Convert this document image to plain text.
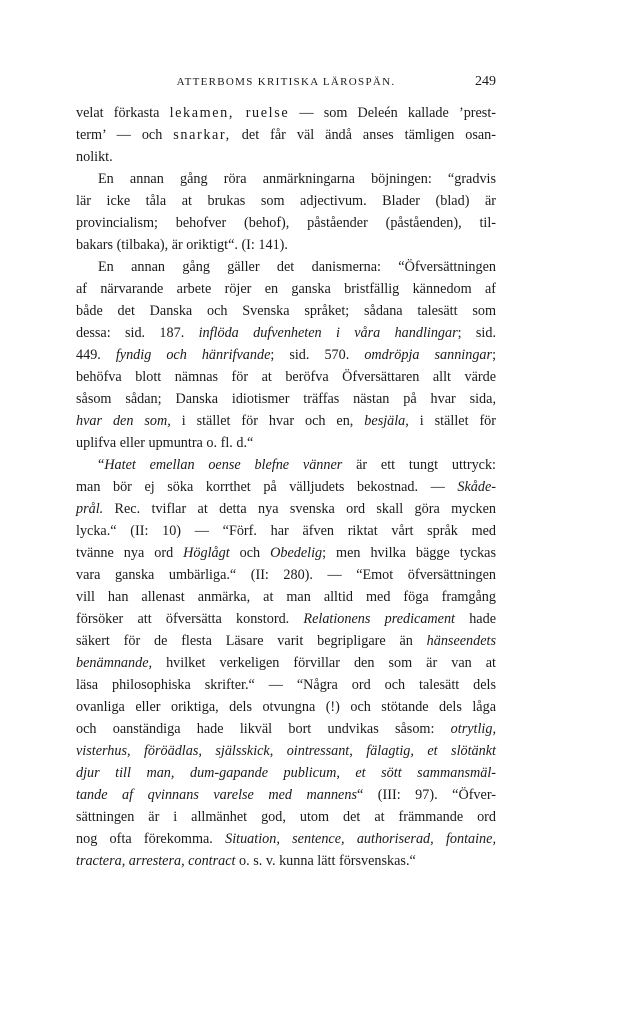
ATTERBOMS KRITISKA LÄROSPÄN.	249
velat förkasta lekamen, ruelse — som Deleén kallade ’prest-
term’ — och snarkar, det får väl ändå anses tämligen osan-
nolikt.
En annan gång röra anmärkningarna böjningen: “gradvis
lär icke tåla at brukas som adjectivum. Blader (blad) är
provincialism; behofver (behof), påståender (påståenden), til-
bakars (tilbaka), är oriktigt“. (I: 141).
En annan gång gäller det danismerna: “Öfversättningen
af närvarande arbete röjer en ganska bristfällig kännedom af
både det Danska och Svenska språket; sådana talesätt som
dessa: sid. 187. inflöda dufvenheten i våra handlingar; sid.
449. fyndig och hänrifvande; sid. 570. omdröpja sanningar;
behöfva blott nämnas för at beröfva Öfversättaren allt värde
såsom sådan; Danska idiotismer träffas nästan på hvar sida,
hvar den som, i stället för hvar och en, besjäla, i stället för
uplifva eller upmuntra o. fl. d.“
“Hatet emellan oense blefne vänner är ett tungt uttryck:
man bör ej söka korrthet på välljudets bekostnad. — Skåde-
prål. Rec. tviflar at detta nya svenska ord skall göra mycken
lycka.“ (II: 10) — “Förf. har äfven riktat vårt språk med
tvänne nya ord Höglågt och Obedelig; men hvilka bägge tyckas
vara ganska umbärliga.“ (II: 280). — “Emot öfversättningen
vill han allenast anmärka, at man alltid med föga framgång
försöker att öfversätta konstord. Relationens predicament hade
säkert för de flesta Läsare varit begripligare än hänseendets
benämnande, hvilket verkeligen förvillar den som är van at
läsa philosophiska skrifter.“ — “Några ord och talesätt dels
ovanliga eller oriktiga, dels otvungna (!) och stötande dels låga
och oanständiga hade likväl bort undvikas såsom: otrytlig,
visterhus, föröädlas, själsskick, ointressant, fälagtig, et slötänkt
djur till man, dum-gapande publicum, et sött sammansmäl-
tande af qvinnans varelse med mannens“ (III: 97). “Öfver-
sättningen är i allmänhet god, utom det at främmande ord
nog ofta förekomma. Situation, sentence, authoriserad, fontaine,
tractera, arrestera, contract o. s. v. kunna lätt försvenskas.“
